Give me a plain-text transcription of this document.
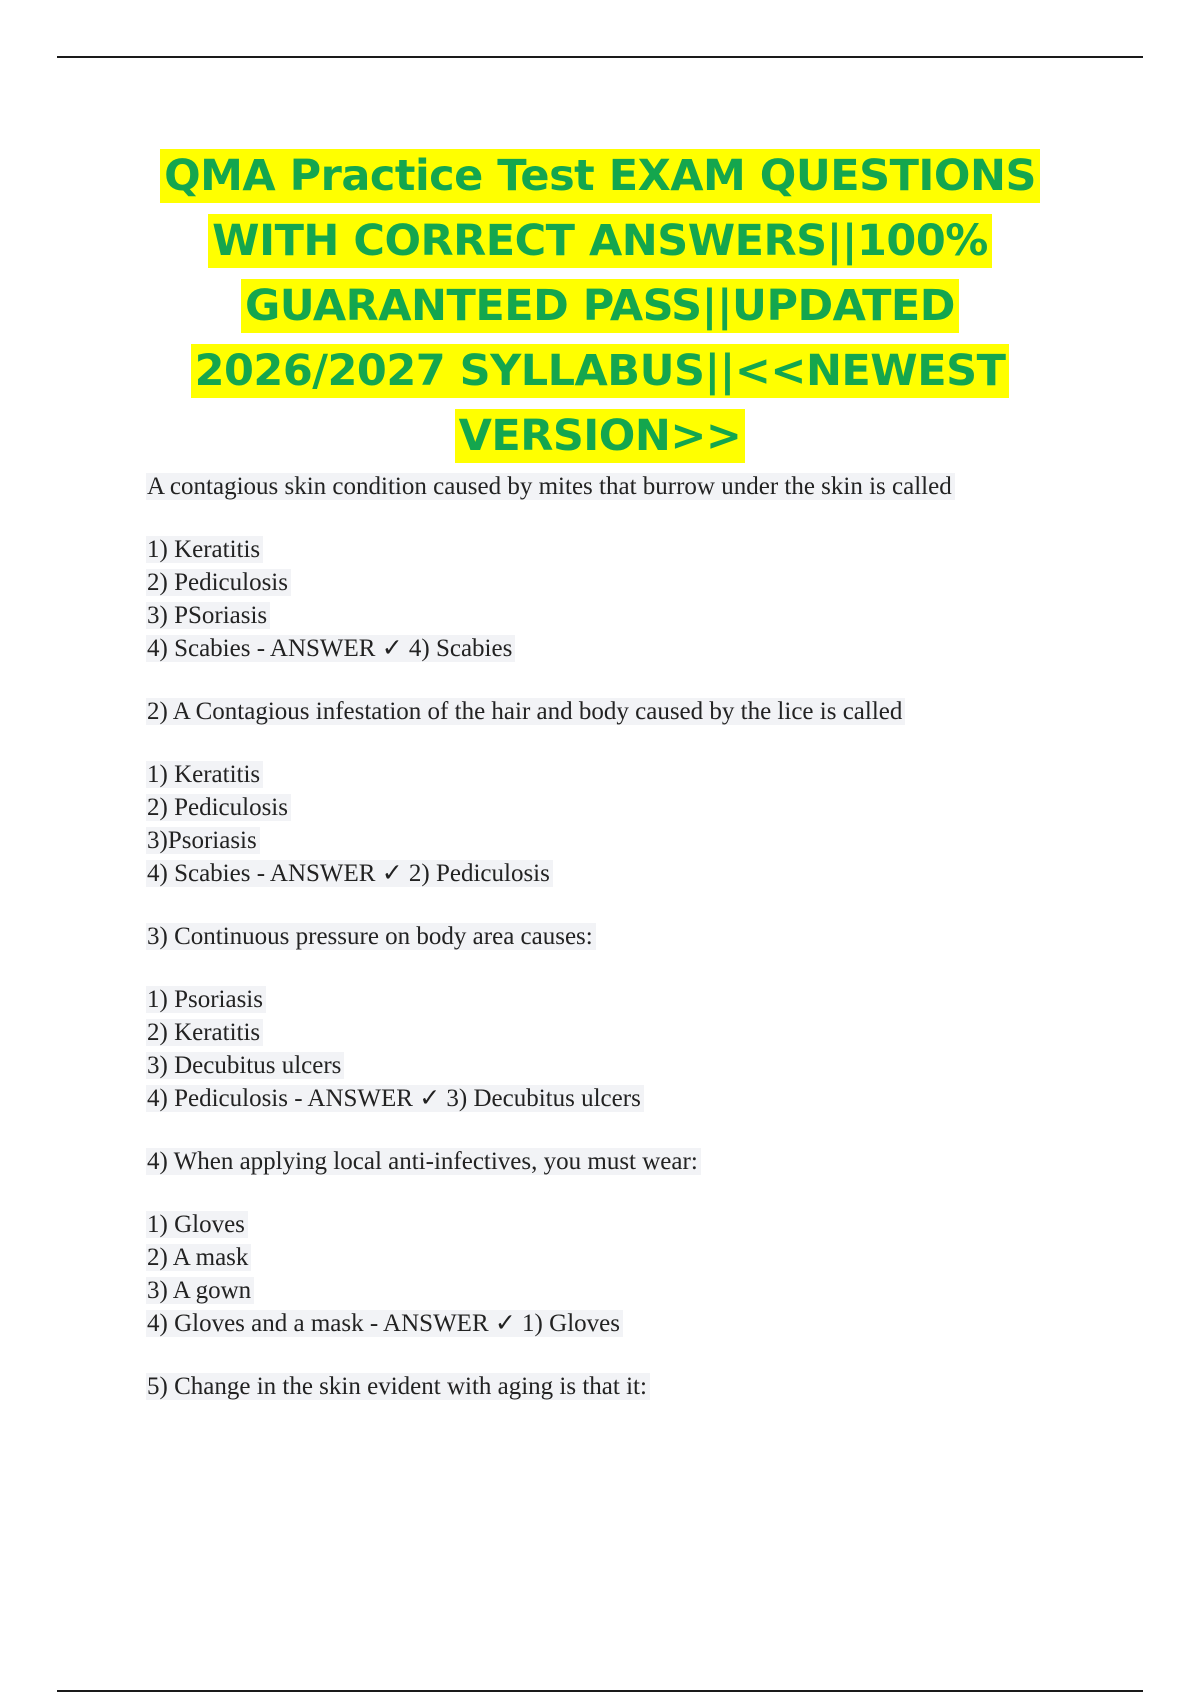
QMA Practice Test EXAM QUESTIONS
WITH CORRECT ANSWERS||100%
GUARANTEED PASS||UPDATED
2026/2027 SYLLABUS||<<NEWEST
VERSION>>
A contagious skin condition caused by mites that burrow under the skin is called
1) Keratitis
2) Pediculosis
3) PSoriasis
4) Scabies - ANSWER ✓ 4) Scabies
2) A Contagious infestation of the hair and body caused by the lice is called
1) Keratitis
2) Pediculosis
3)Psoriasis
4) Scabies - ANSWER ✓ 2) Pediculosis
3) Continuous pressure on body area causes:
1) Psoriasis
2) Keratitis
3) Decubitus ulcers
4) Pediculosis - ANSWER ✓ 3) Decubitus ulcers
4) When applying local anti-infectives, you must wear:
1) Gloves
2) A mask
3) A gown
4) Gloves and a mask - ANSWER ✓ 1) Gloves
5) Change in the skin evident with aging is that it:
